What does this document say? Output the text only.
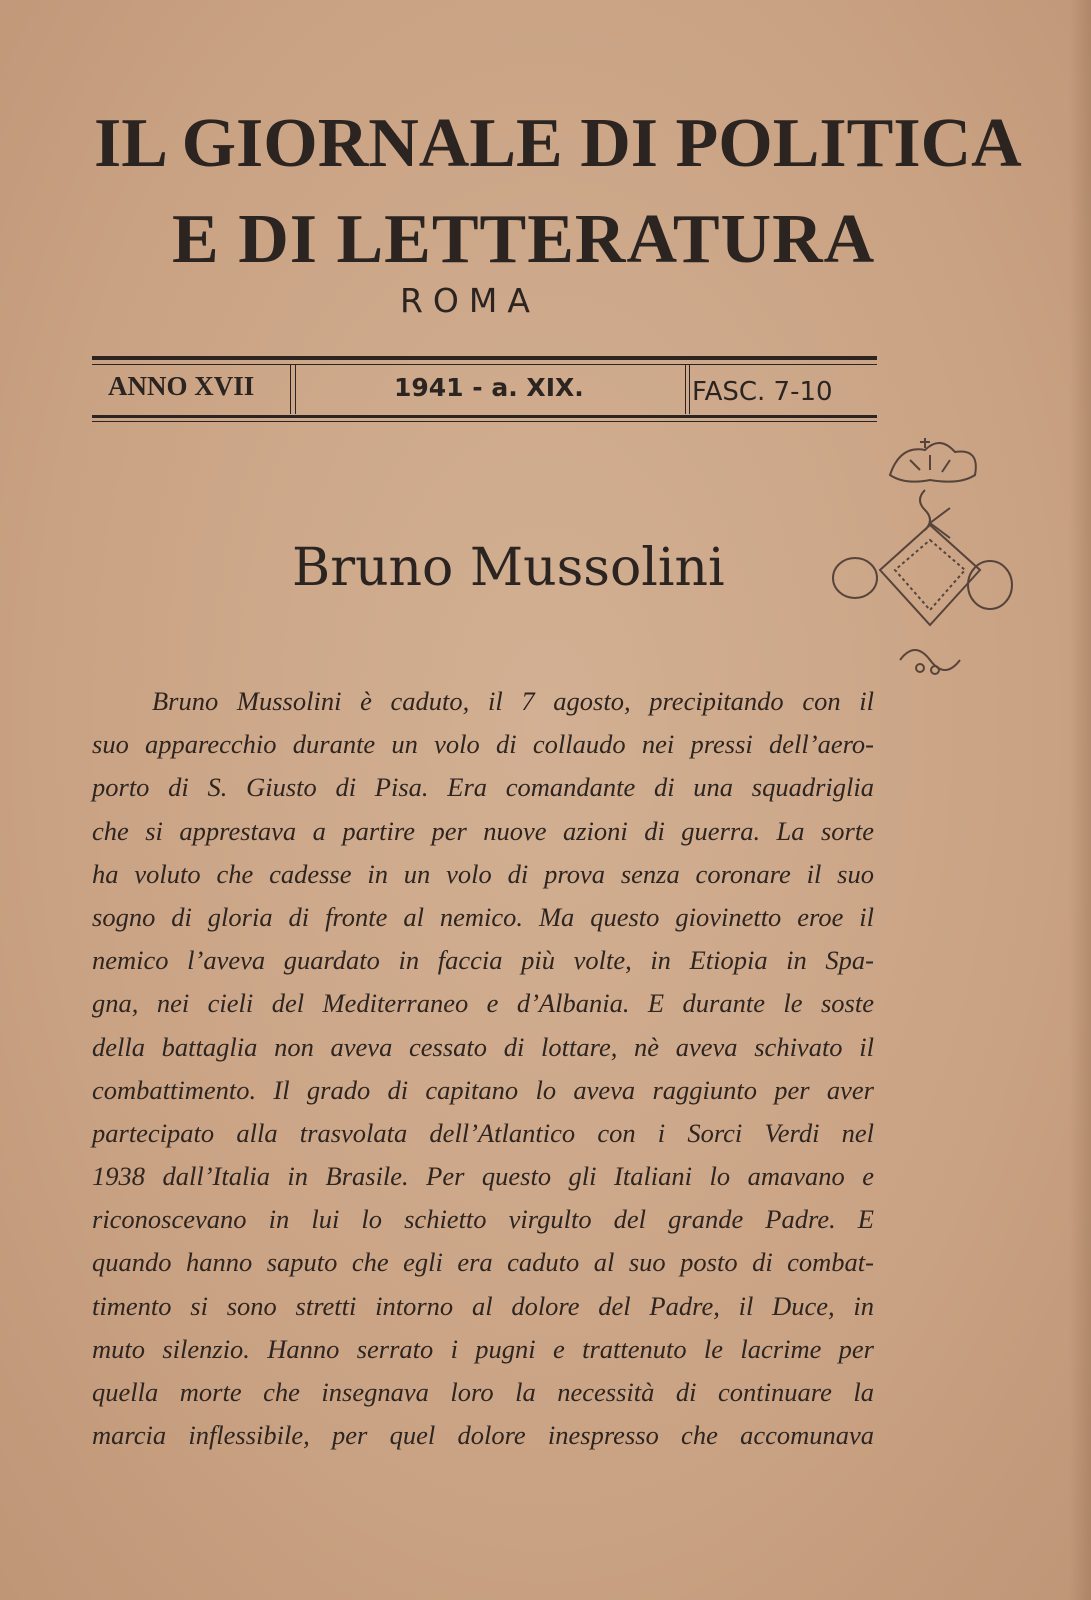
IL GIORNALE DI POLITICA
E DI LETTERATURA
ROMA
ANNO XVII	1941 - a. XIX.	FASC. 7-10
Bruno Mussolini
Bruno Mussolini è caduto, il 7 agosto, precipitando con il
suo apparecchio durante un volo di collaudo nei pressi dell’aero-
porto di S. Giusto di Pisa. Era comandante di una squadriglia
che si apprestava a partire per nuove azioni di guerra. La sorte
ha voluto che cadesse in un volo di prova senza coronare il suo
sogno di gloria di fronte al nemico. Ma questo giovinetto eroe il
nemico l’aveva guardato in faccia più volte, in Etiopia in Spa-
gna, nei cieli del Mediterraneo e d’Albania. E durante le soste
della battaglia non aveva cessato di lottare, nè aveva schivato il
combattimento. Il grado di capitano lo aveva raggiunto per aver
partecipato alla trasvolata dell’Atlantico con i Sorci Verdi nel
1938 dall’Italia in Brasile. Per questo gli Italiani lo amavano e
riconoscevano in lui lo schietto virgulto del grande Padre. E
quando hanno saputo che egli era caduto al suo posto di combat-
timento si sono stretti intorno al dolore del Padre, il Duce, in
muto silenzio. Hanno serrato i pugni e trattenuto le lacrime per
quella morte che insegnava loro la necessità di continuare la
marcia inflessibile, per quel dolore inespresso che accomunava
